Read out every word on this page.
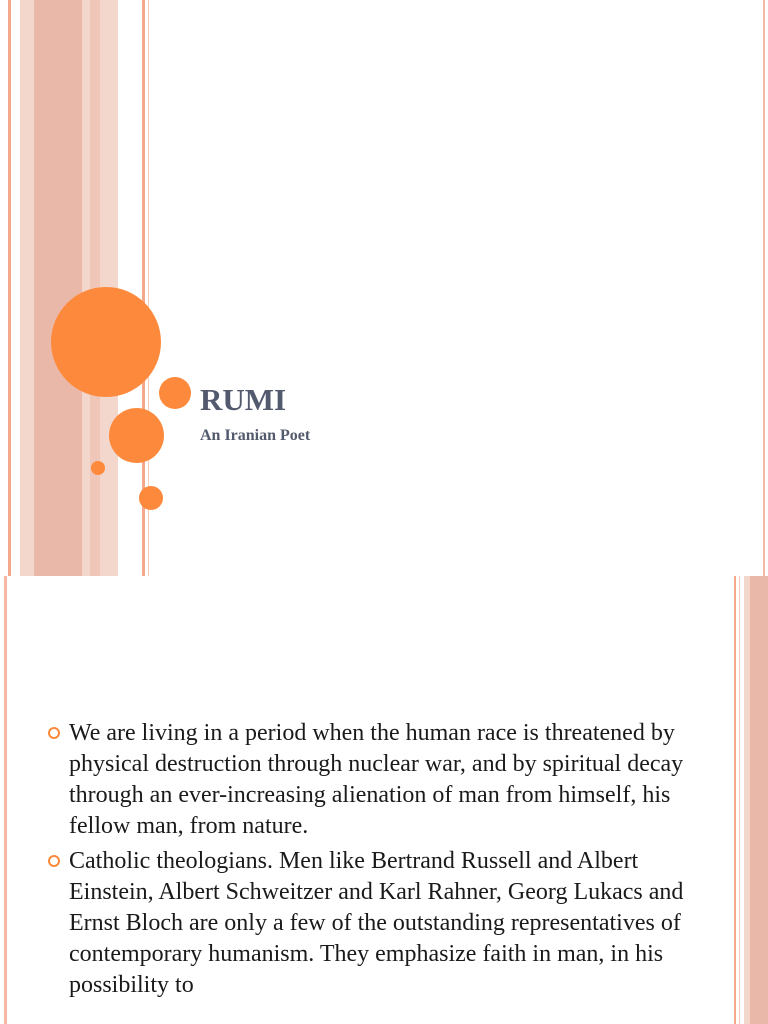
RUMI

An Iranian Poet

We are living in a period when the human race is threatened by physical destruction through nuclear war, and by spiritual decay through an ever-increasing alienation of man from himself, his fellow man, from nature.
Catholic theologians. Men like Bertrand Russell and Albert Einstein, Albert Schweitzer and Karl Rahner, Georg Lukacs and Ernst Bloch are only a few of the outstanding representatives of contemporary humanism. They emphasize faith in man, in his possibility to
